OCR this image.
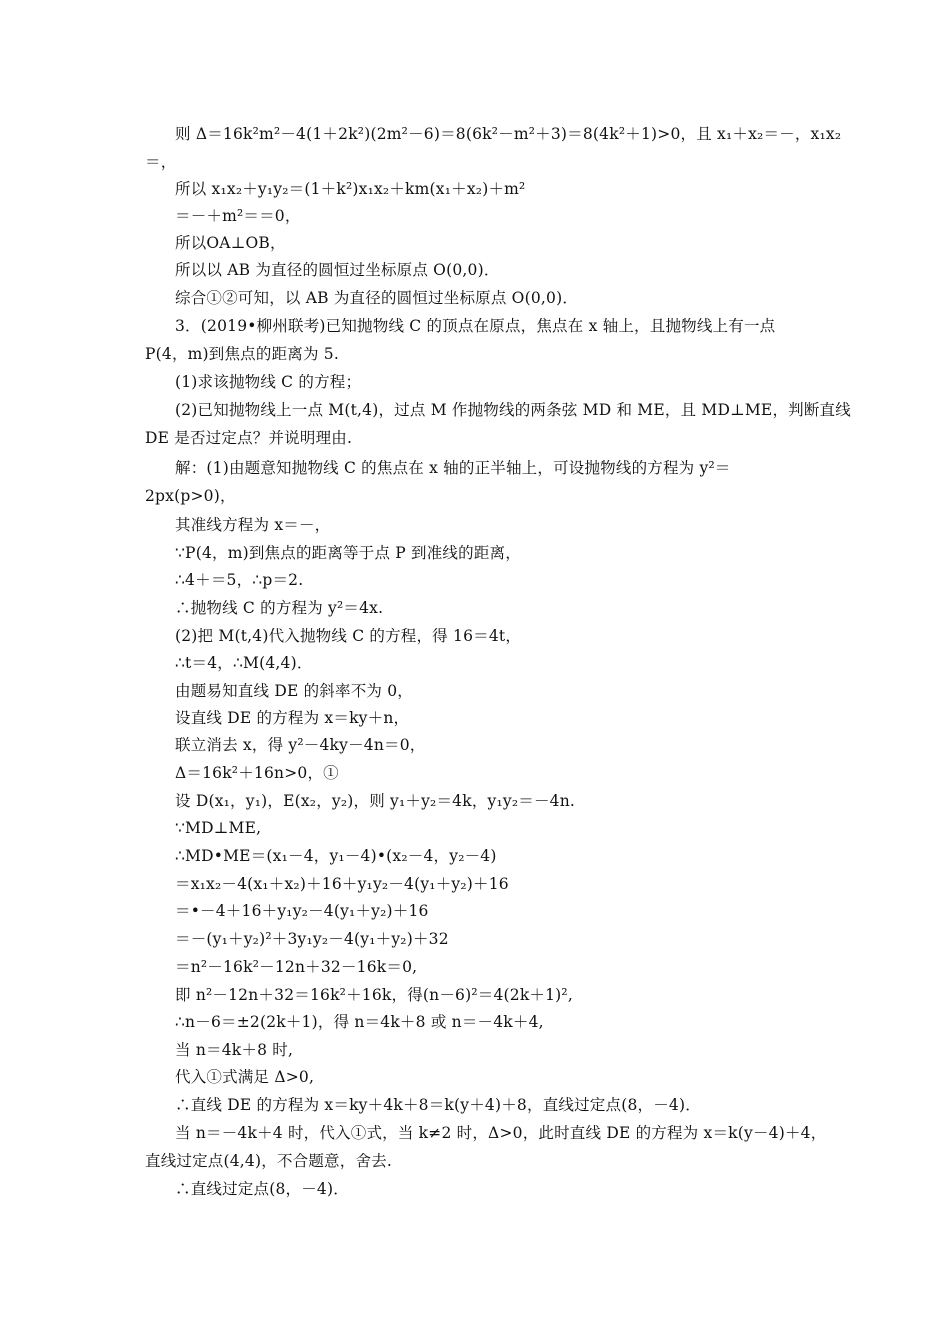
则 Δ＝16k²m²－4(1＋2k²)(2m²－6)＝8(6k²－m²＋3)＝8(4k²＋1)>0，且 x₁＋x₂＝－，x₁x₂
＝，
所以 x₁x₂＋y₁y₂＝(1＋k²)x₁x₂＋km(x₁＋x₂)＋m²
＝－＋m²＝＝0，
所以OA⊥OB，
所以以 AB 为直径的圆恒过坐标原点 O(0,0)．
综合①②可知，以 AB 为直径的圆恒过坐标原点 O(0,0)．
3．(2019•柳州联考)已知抛物线 C 的顶点在原点，焦点在 x 轴上，且抛物线上有一点
P(4，m)到焦点的距离为 5.
(1)求该抛物线 C 的方程；
(2)已知抛物线上一点 M(t,4)，过点 M 作抛物线的两条弦 MD 和 ME，且 MD⊥ME，判断直线
DE 是否过定点？并说明理由.
解：(1)由题意知抛物线 C 的焦点在 x 轴的正半轴上，可设抛物线的方程为 y²＝
2px(p>0)，
其准线方程为 x＝－，
∵P(4，m)到焦点的距离等于点 P 到准线的距离，
∴4＋＝5，∴p＝2.
∴抛物线 C 的方程为 y²＝4x.
(2)把 M(t,4)代入抛物线 C 的方程，得 16＝4t，
∴t＝4，∴M(4,4)．
由题易知直线 DE 的斜率不为 0，
设直线 DE 的方程为 x＝ky＋n，
联立消去 x，得 y²－4ky－4n＝0，
Δ＝16k²＋16n>0，①
设 D(x₁，y₁)，E(x₂，y₂)，则 y₁＋y₂＝4k，y₁y₂＝－4n.
∵MD⊥ME,
∴MD•ME＝(x₁－4，y₁－4)•(x₂－4，y₂－4)
＝x₁x₂－4(x₁＋x₂)＋16＋y₁y₂－4(y₁＋y₂)＋16
＝•－4＋16＋y₁y₂－4(y₁＋y₂)＋16
＝－(y₁＋y₂)²＋3y₁y₂－4(y₁＋y₂)＋32
＝n²－16k²－12n＋32－16k＝0,
即 n²－12n＋32＝16k²＋16k，得(n－6)²＝4(2k＋1)²,
∴n－6＝±2(2k＋1)，得 n＝4k＋8 或 n＝－4k＋4,
当 n＝4k＋8 时,
代入①式满足 Δ>0,
∴直线 DE 的方程为 x＝ky＋4k＋8＝k(y＋4)＋8，直线过定点(8，－4)．
当 n＝－4k＋4 时，代入①式，当 k≠2 时，Δ>0，此时直线 DE 的方程为 x＝k(y－4)＋4，
直线过定点(4,4)，不合题意，舍去.
∴直线过定点(8，－4)．
